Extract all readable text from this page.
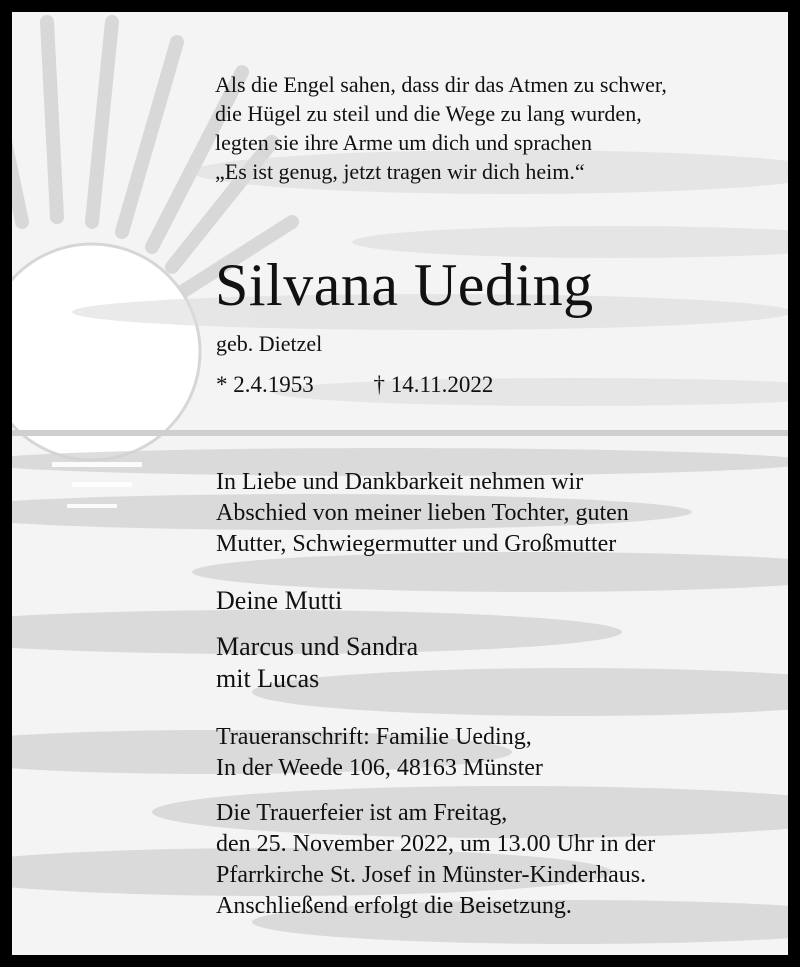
Als die Engel sahen, dass dir das Atmen zu schwer,
die Hügel zu steil und die Wege zu lang wurden,
legten sie ihre Arme um dich und sprachen
„Es ist genug, jetzt tragen wir dich heim.“
Silvana Ueding
geb. Dietzel
* 2.4.1953	† 14.11.2022
In Liebe und Dankbarkeit nehmen wir
Abschied von meiner lieben Tochter, guten
Mutter, Schwiegermutter und Großmutter
Deine Mutti
Marcus und Sandra
mit Lucas
Traueranschrift: Familie Ueding,
In der Weede 106, 48163 Münster
Die Trauerfeier ist am Freitag,
den 25. November 2022, um 13.00 Uhr in der
Pfarrkirche St. Josef in Münster-Kinderhaus.
Anschließend erfolgt die Beisetzung.
